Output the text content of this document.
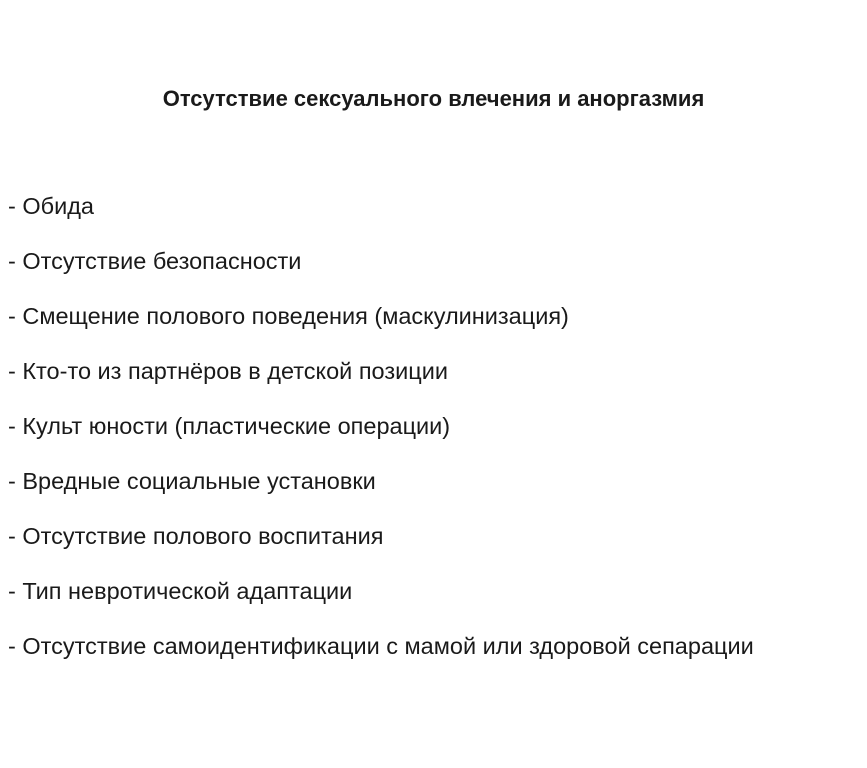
Отсутствие сексуального влечения и аноргазмия
- Обида
- Отсутствие безопасности
- Смещение полового поведения (маскулинизация)
- Кто-то из партнёров в детской позиции
- Культ юности (пластические операции)
- Вредные социальные установки
- Отсутствие полового воспитания
- Тип невротической адаптации
- Отсутствие самоидентификации с мамой или здоровой сепарации
